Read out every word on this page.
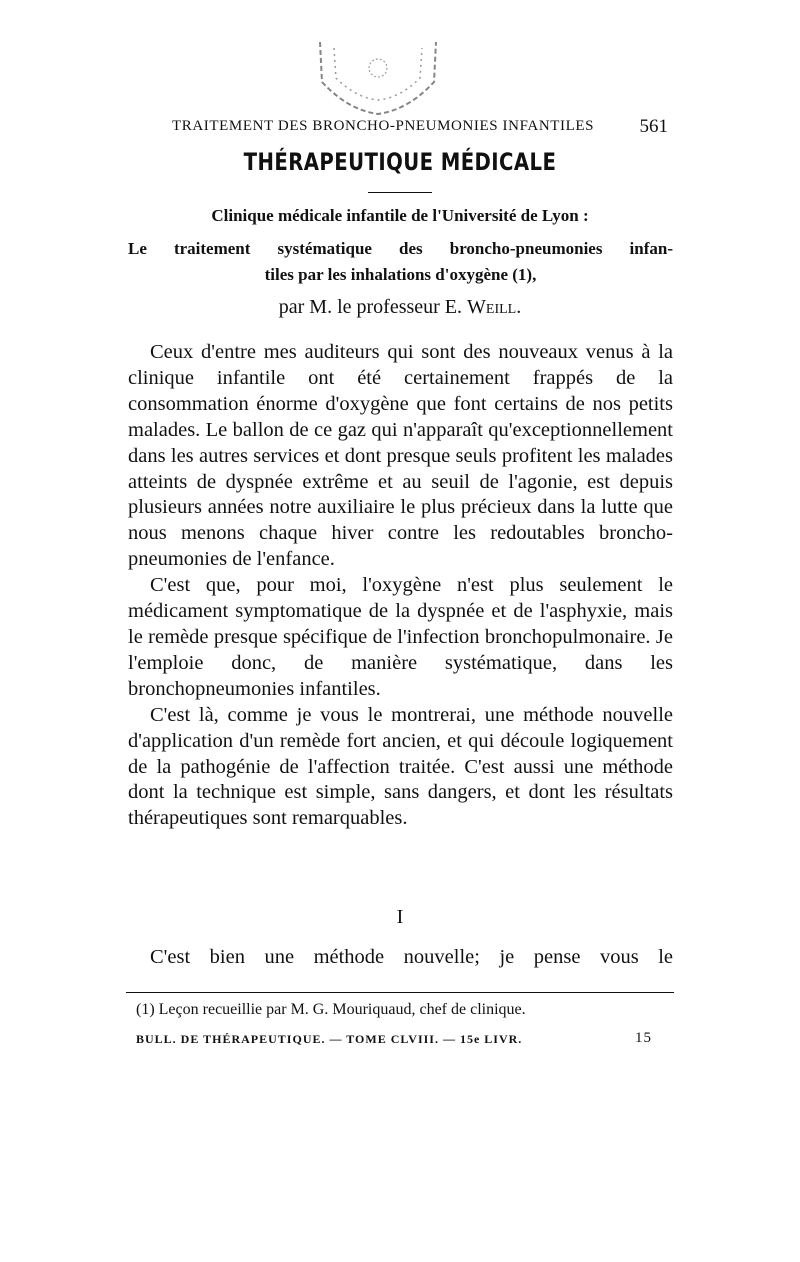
TRAITEMENT DES BRONCHO-PNEUMONIES INFANTILES 561
THÉRAPEUTIQUE MÉDICALE
Clinique médicale infantile de l'Université de Lyon :
Le traitement systématique des broncho-pneumonies infan-
tiles par les inhalations d'oxygène (1),
par M. le professeur E. Weill.

Ceux d'entre mes auditeurs qui sont des nouveaux venus à la clinique infantile ont été certainement frappés de la consommation énorme d'oxygène que font certains de nos petits malades. Le ballon de ce gaz qui n'apparaît qu'exceptionnellement dans les autres services et dont presque seuls profitent les malades atteints de dyspnée extrême et au seuil de l'agonie, est depuis plusieurs années notre auxiliaire le plus précieux dans la lutte que nous menons chaque hiver contre les redoutables broncho-pneumonies de l'enfance.

C'est que, pour moi, l'oxygène n'est plus seulement le médicament symptomatique de la dyspnée et de l'asphyxie, mais le remède presque spécifique de l'infection bronchopulmonaire. Je l'emploie donc, de manière systématique, dans les bronchopneumonies infantiles.

C'est là, comme je vous le montrerai, une méthode nouvelle d'application d'un remède fort ancien, et qui découle logiquement de la pathogénie de l'affection traitée. C'est aussi une méthode dont la technique est simple, sans dangers, et dont les résultats thérapeutiques sont remarquables.

I
C'est bien une méthode nouvelle; je pense vous le
(1) Leçon recueillie par M. G. Mouriquaud, chef de clinique.
BULL. DE THÉRAPEUTIQUE. — TOME CLVIII. — 15e LIVR.	15
